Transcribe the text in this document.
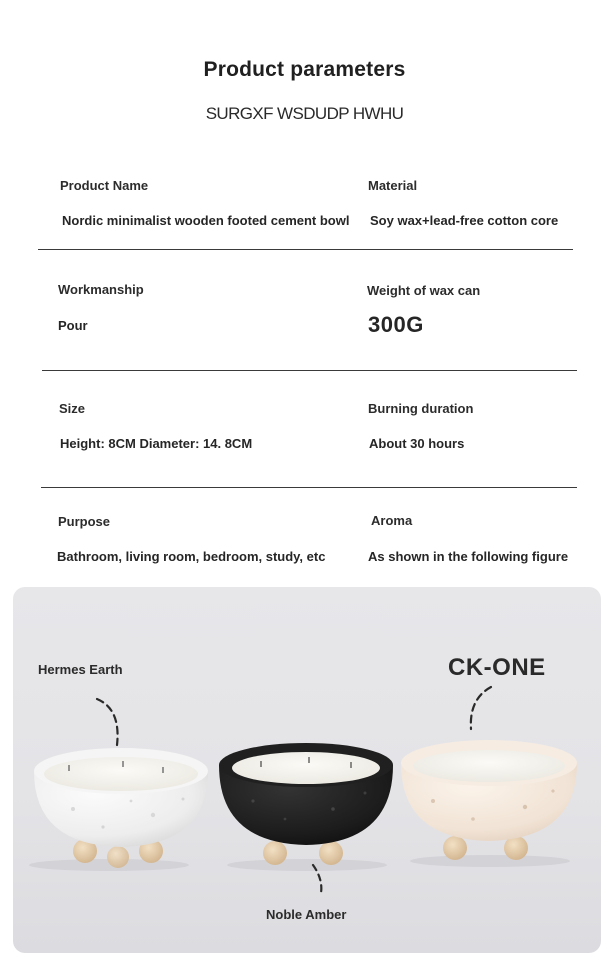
Product parameters
SURGXF WSDUDP HWHU
Product Name
Nordic minimalist wooden footed cement bowl
Material
Soy wax+lead-free cotton core
Workmanship
Pour
Weight of wax can
300G
Size
Height: 8CM Diameter: 14. 8CM
Burning duration
About 30 hours
Purpose
Bathroom, living room, bedroom, study, etc
Aroma
As shown in the following figure
Hermes Earth	CK-ONE
Noble Amber
